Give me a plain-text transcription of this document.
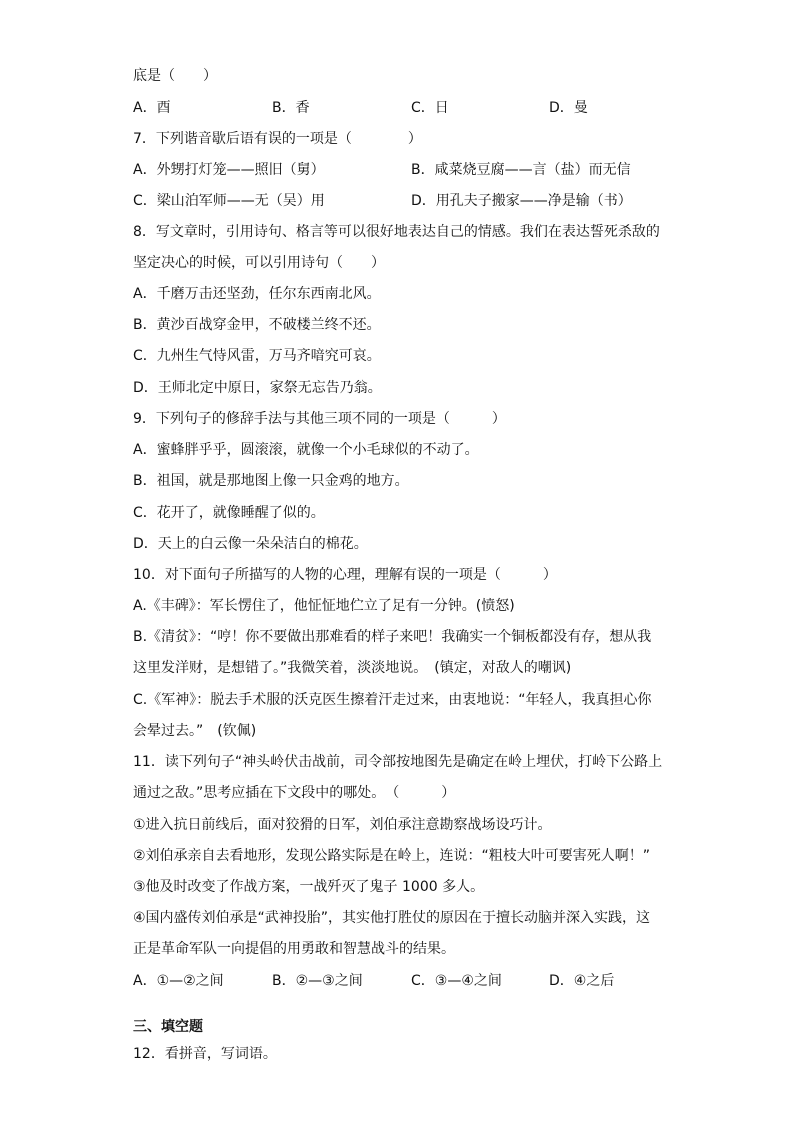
底是（　　）
A．酉	B．香	C．日	D．曼
7．下列谐音歇后语有误的一项是（　　　　）
A．外甥打灯笼——照旧（舅）	B．咸菜烧豆腐——言（盐）而无信
C．梁山泊军师——无（吴）用	D．用孔夫子搬家——净是输（书）
8．写文章时，引用诗句、格言等可以很好地表达自己的情感。我们在表达誓死杀敌的
坚定决心的时候，可以引用诗句（　　）
A．千磨万击还坚劲，任尔东西南北风。
B．黄沙百战穿金甲，不破楼兰终不还。
C．九州生气恃风雷，万马齐喑究可哀。
D．王师北定中原日，家祭无忘告乃翁。
9．下列句子的修辞手法与其他三项不同的一项是（　　　）
A．蜜蜂胖乎乎，圆滚滚，就像一个小毛球似的不动了。
B．祖国，就是那地图上像一只金鸡的地方。
C．花开了，就像睡醒了似的。
D．天上的白云像一朵朵洁白的棉花。
10．对下面句子所描写的人物的心理，理解有误的一项是（　　　）
A.《丰碑》：军长愣住了，他怔怔地伫立了足有一分钟。(愤怒)
B.《清贫》：“哼！你不要做出那难看的样子来吧！我确实一个铜板都没有存，想从我
这里发洋财，是想错了。”我微笑着，淡淡地说。　(镇定，对敌人的嘲讽)
C.《军神》：脱去手术服的沃克医生擦着汗走过来，由衷地说：“年轻人，我真担心你
会晕过去。”　(钦佩)
11．读下列句子“神头岭伏击战前，司令部按地图先是确定在岭上埋伏，打岭下公路上
通过之敌。”思考应插在下文段中的哪处。　（　　　）
①进入抗日前线后，面对狡猾的日军，刘伯承注意勘察战场设巧计。
②刘伯承亲自去看地形，发现公路实际是在岭上，连说：“粗枝大叶可要害死人啊！”
③他及时改变了作战方案，一战歼灭了鬼子 1000 多人。
④国内盛传刘伯承是“武神投胎”，其实他打胜仗的原因在于擅长动脑并深入实践，这
正是革命军队一向提倡的用勇敢和智慧战斗的结果。
A．①—②之间	B．②—③之间	C．③—④之间	D．④之后
三、填空题
12．看拼音，写词语。
